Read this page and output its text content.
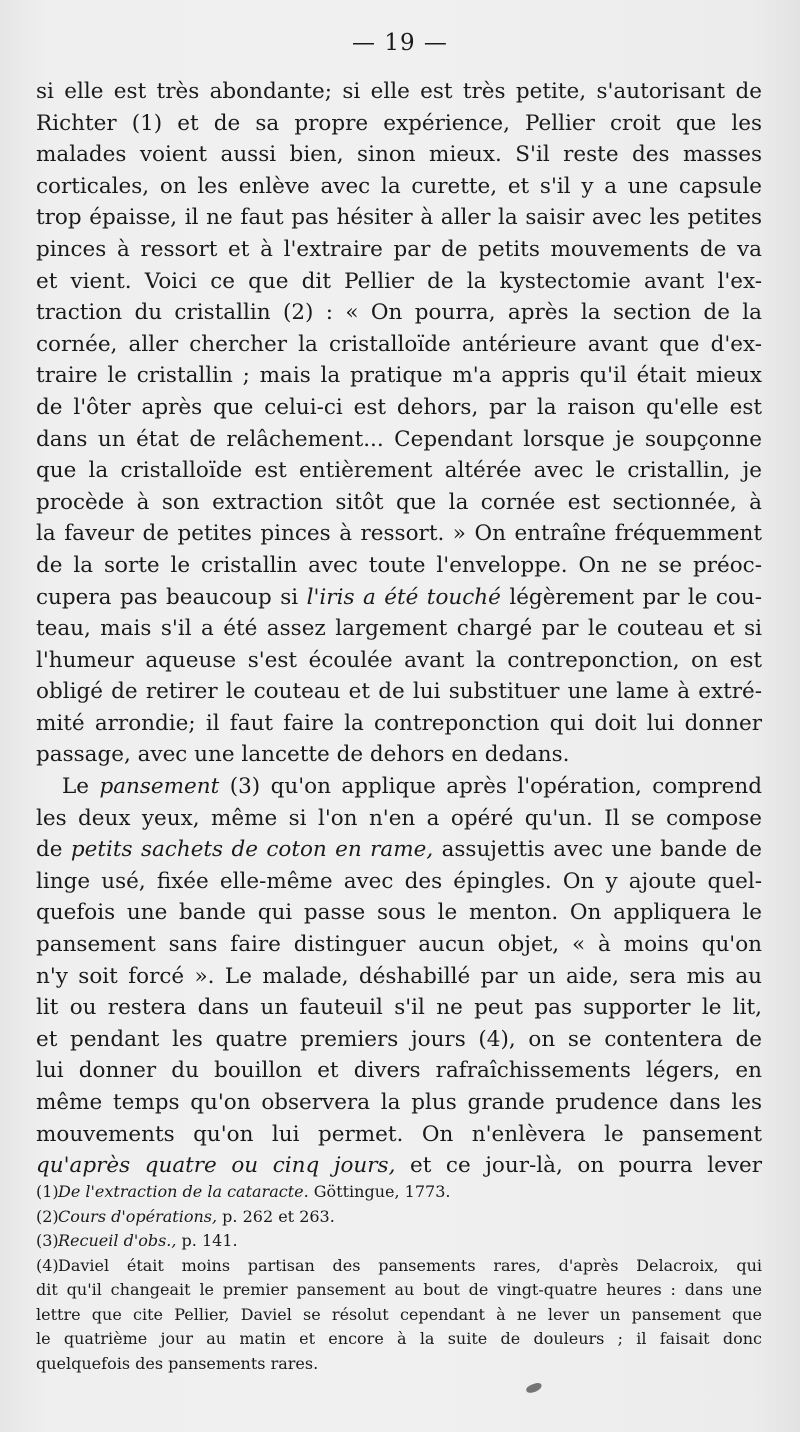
— 19 —
si elle est très abondante; si elle est très petite, s'autorisant de
Richter (1) et de sa propre expérience, Pellier croit que les
malades voient aussi bien, sinon mieux. S'il reste des masses
corticales, on les enlève avec la curette, et s'il y a une capsule
trop épaisse, il ne faut pas hésiter à aller la saisir avec les petites
pinces à ressort et à l'extraire par de petits mouvements de va
et vient. Voici ce que dit Pellier de la kystectomie avant l'ex-
traction du cristallin (2) : « On pourra, après la section de la
cornée, aller chercher la cristalloïde antérieure avant que d'ex-
traire le cristallin ; mais la pratique m'a appris qu'il était mieux
de l'ôter après que celui-ci est dehors, par la raison qu'elle est
dans un état de relâchement... Cependant lorsque je soupçonne
que la cristalloïde est entièrement altérée avec le cristallin, je
procède à son extraction sitôt que la cornée est sectionnée, à
la faveur de petites pinces à ressort. » On entraîne fréquemment
de la sorte le cristallin avec toute l'enveloppe. On ne se préoc-
cupera pas beaucoup si l'iris a été touché légèrement par le cou-
teau, mais s'il a été assez largement chargé par le couteau et si
l'humeur aqueuse s'est écoulée avant la contreponction, on est
obligé de retirer le couteau et de lui substituer une lame à extré-
mité arrondie; il faut faire la contreponction qui doit lui donner
passage, avec une lancette de dehors en dedans.
Le pansement (3) qu'on applique après l'opération, comprend
les deux yeux, même si l'on n'en a opéré qu'un. Il se compose
de petits sachets de coton en rame, assujettis avec une bande de
linge usé, fixée elle-même avec des épingles. On y ajoute quel-
quefois une bande qui passe sous le menton. On appliquera le
pansement sans faire distinguer aucun objet, « à moins qu'on
n'y soit forcé ». Le malade, déshabillé par un aide, sera mis au
lit ou restera dans un fauteuil s'il ne peut pas supporter le lit,
et pendant les quatre premiers jours (4), on se contentera de
lui donner du bouillon et divers rafraîchissements légers, en
même temps qu'on observera la plus grande prudence dans les
mouvements qu'on lui permet. On n'enlèvera le pansement
qu'après quatre ou cinq jours, et ce jour-là, on pourra lever
(1)De l'extraction de la cataracte. Göttingue, 1773.
(2)Cours d'opérations, p. 262 et 263.
(3)Recueil d'obs., p. 141.
(4)Daviel était moins partisan des pansements rares, d'après Delacroix, qui
dit qu'il changeait le premier pansement au bout de vingt-quatre heures : dans une
lettre que cite Pellier, Daviel se résolut cependant à ne lever un pansement que
le quatrième jour au matin et encore à la suite de douleurs ; il faisait donc
quelquefois des pansements rares.
